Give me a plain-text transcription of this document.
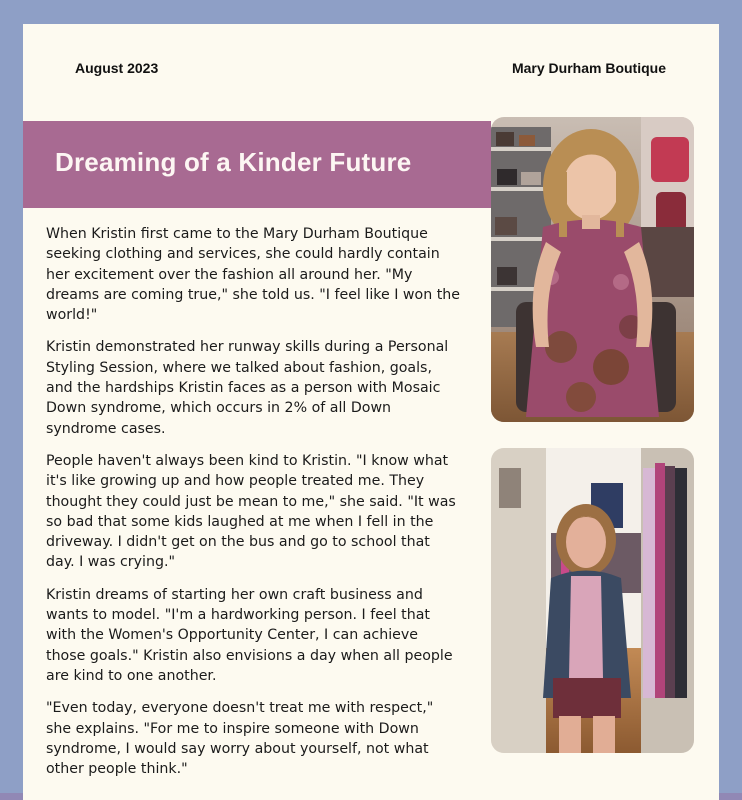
August 2023	Mary Durham Boutique
Dreaming of a Kinder Future

When Kristin first came to the Mary Durham Boutique seeking clothing and services, she could hardly contain her excitement over the fashion all around her. "My dreams are coming true," she told us. "I feel like I won the world!"

Kristin demonstrated her runway skills during a Personal Styling Session, where we talked about fashion, goals, and the hardships Kristin faces as a person with Mosaic Down syndrome, which occurs in 2% of all Down syndrome cases.

People haven't always been kind to Kristin. "I know what it's like growing up and how people treated me. They thought they could just be mean to me," she said. "It was so bad that some kids laughed at me when I fell in the driveway. I didn't get on the bus and go to school that day. I was crying."

Kristin dreams of starting her own craft business and wants to model. "I'm a hardworking person. I feel that with the Women's Opportunity Center, I can achieve those goals." Kristin also envisions a day when all people are kind to one another.

"Even today, everyone doesn't treat me with respect," she explains. "For me to inspire someone with Down syndrome, I would say worry about yourself, not what other people think."
